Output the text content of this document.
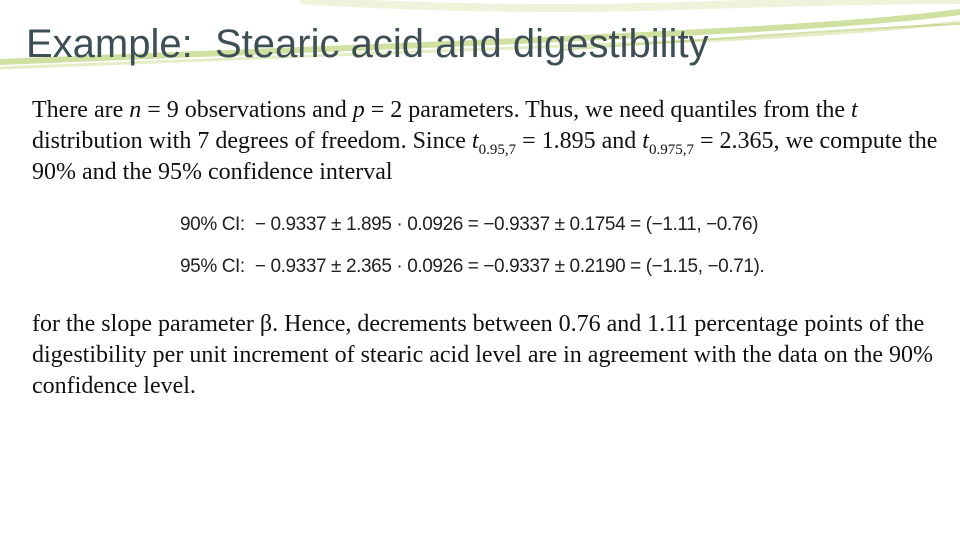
Example:  Stearic acid and digestibility

There are n = 9 observations and p = 2 parameters. Thus, we need quantiles from the t distribution with 7 degrees of freedom. Since $t_{0.95,7} = 1.895$ and $t_{0.975,7} = 2.365$, we compute the 90% and the 95% confidence interval

90% CI: − 0.9337 ± 1.895 · 0.0926 = −0.9337 ± 0.1754 = (−1.11, −0.76)
95% CI: − 0.9337 ± 2.365 · 0.0926 = −0.9337 ± 0.2190 = (−1.15, −0.71).

for the slope parameter β. Hence, decrements between 0.76 and 1.11 percentage points of the digestibility per unit increment of stearic acid level are in agreement with the data on the 90% confidence level.
